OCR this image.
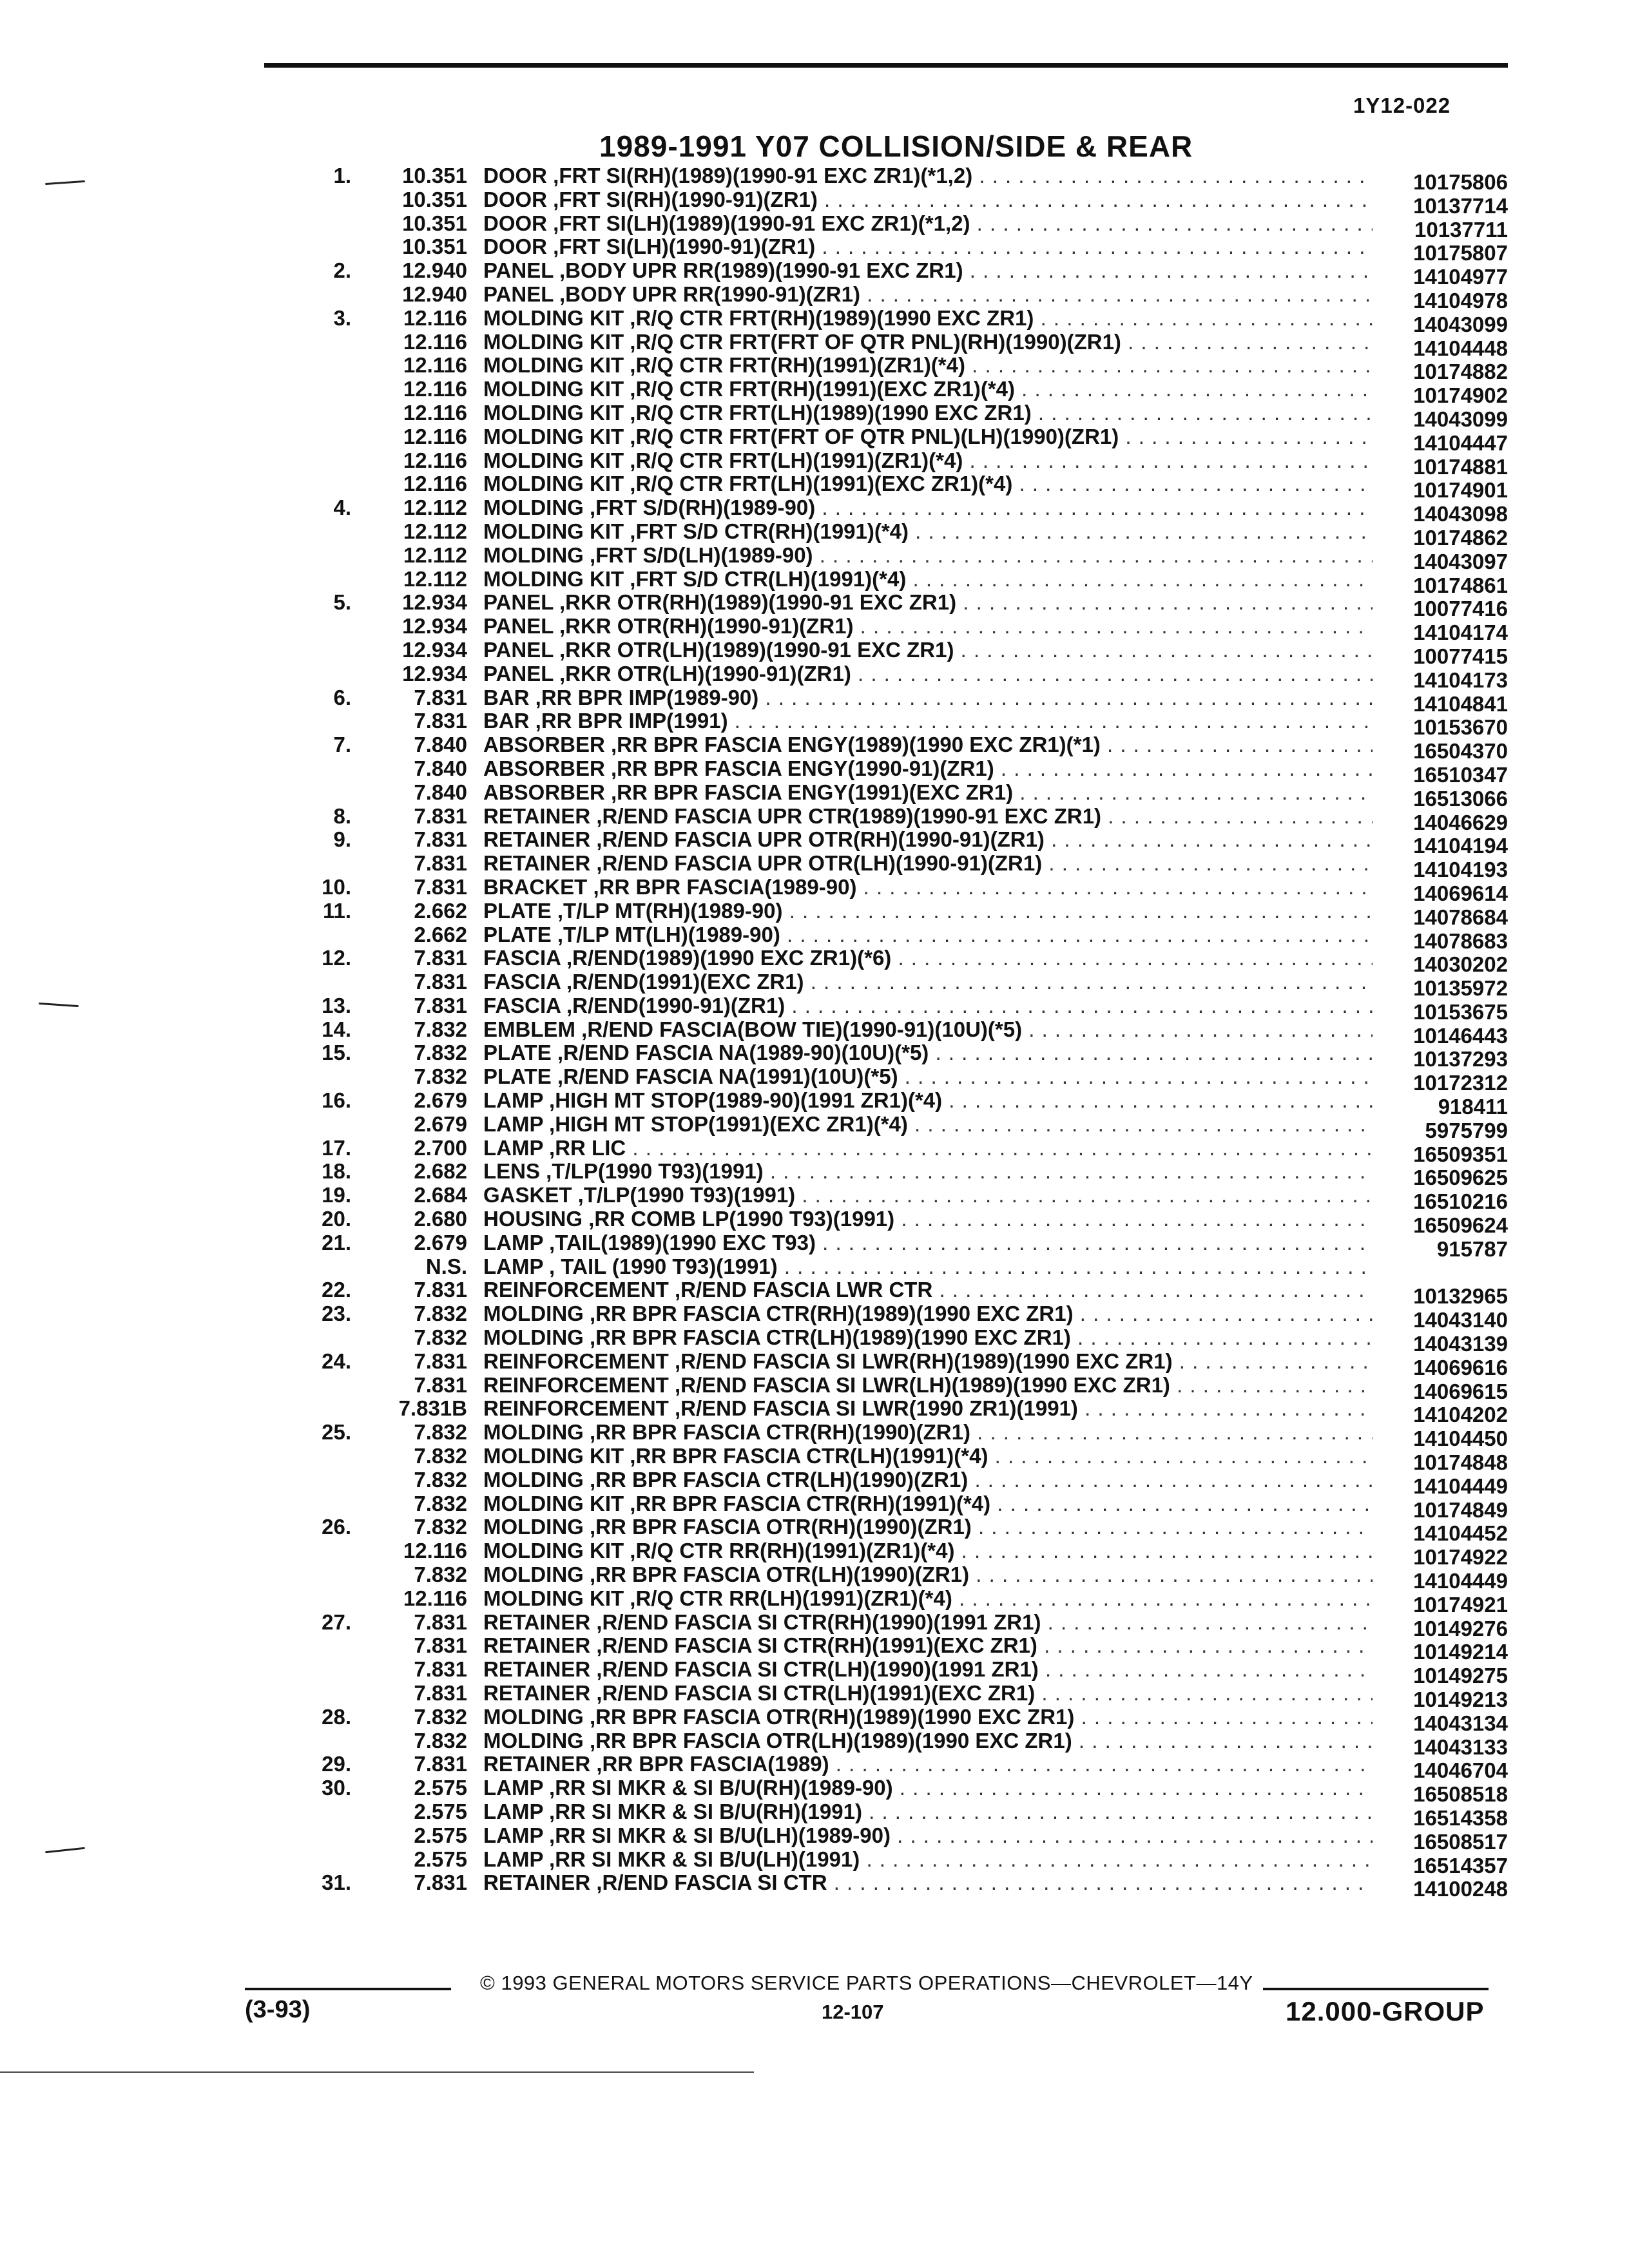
1Y12-022
1989-1991 Y07 COLLISION/SIDE & REAR
1.	10.351 DOOR ,FRT SI(RH)(1989)(1990-91 EXC ZR1)(*1,2) . . .	10175806
10.351 DOOR ,FRT SI(RH)(1990-91)(ZR1) . . .	10137714
10.351 DOOR ,FRT SI(LH)(1989)(1990-91 EXC ZR1)(*1,2) . . .	10137711
10.351 DOOR ,FRT SI(LH)(1990-91)(ZR1) . . .	10175807
2.	12.940 PANEL ,BODY UPR RR(1989)(1990-91 EXC ZR1) . . .	14104977
12.940 PANEL ,BODY UPR RR(1990-91)(ZR1) . . .	14104978
3.	12.116 MOLDING KIT ,R/Q CTR FRT(RH)(1989)(1990 EXC ZR1) . . .	14043099
12.116 MOLDING KIT ,R/Q CTR FRT(FRT OF QTR PNL)(RH)(1990)(ZR1) . . .	14104448
12.116 MOLDING KIT ,R/Q CTR FRT(RH)(1991)(ZR1)(*4) . . .	10174882
12.116 MOLDING KIT ,R/Q CTR FRT(RH)(1991)(EXC ZR1)(*4) . . .	10174902
12.116 MOLDING KIT ,R/Q CTR FRT(LH)(1989)(1990 EXC ZR1) . . .	14043099
12.116 MOLDING KIT ,R/Q CTR FRT(FRT OF QTR PNL)(LH)(1990)(ZR1) . . .	14104447
12.116 MOLDING KIT ,R/Q CTR FRT(LH)(1991)(ZR1)(*4) . . .	10174881
12.116 MOLDING KIT ,R/Q CTR FRT(LH)(1991)(EXC ZR1)(*4) . . .	10174901
4.	12.112 MOLDING ,FRT S/D(RH)(1989-90) . . .	14043098
12.112 MOLDING KIT ,FRT S/D CTR(RH)(1991)(*4) . . .	10174862
12.112 MOLDING ,FRT S/D(LH)(1989-90) . . .	14043097
12.112 MOLDING KIT ,FRT S/D CTR(LH)(1991)(*4) . . .	10174861
5.	12.934 PANEL ,RKR OTR(RH)(1989)(1990-91 EXC ZR1) . . .	10077416
12.934 PANEL ,RKR OTR(RH)(1990-91)(ZR1) . . .	14104174
12.934 PANEL ,RKR OTR(LH)(1989)(1990-91 EXC ZR1) . . .	10077415
12.934 PANEL ,RKR OTR(LH)(1990-91)(ZR1) . . .	14104173
6.	7.831 BAR ,RR BPR IMP(1989-90) . . .	14104841
7.831 BAR ,RR BPR IMP(1991) . . .	10153670
7.	7.840 ABSORBER ,RR BPR FASCIA ENGY(1989)(1990 EXC ZR1)(*1) . . .	16504370
7.840 ABSORBER ,RR BPR FASCIA ENGY(1990-91)(ZR1) . . .	16510347
7.840 ABSORBER ,RR BPR FASCIA ENGY(1991)(EXC ZR1) . . .	16513066
8.	7.831 RETAINER ,R/END FASCIA UPR CTR(1989)(1990-91 EXC ZR1) . . .	14046629
9.	7.831 RETAINER ,R/END FASCIA UPR OTR(RH)(1990-91)(ZR1) . . .	14104194
7.831 RETAINER ,R/END FASCIA UPR OTR(LH)(1990-91)(ZR1) . . .	14104193
10.	7.831 BRACKET ,RR BPR FASCIA(1989-90) . . .	14069614
11.	2.662 PLATE ,T/LP MT(RH)(1989-90) . . .	14078684
2.662 PLATE ,T/LP MT(LH)(1989-90) . . .	14078683
12.	7.831 FASCIA ,R/END(1989)(1990 EXC ZR1)(*6) . . .	14030202
7.831 FASCIA ,R/END(1991)(EXC ZR1) . . .	10135972
13.	7.831 FASCIA ,R/END(1990-91)(ZR1) . . .	10153675
14.	7.832 EMBLEM ,R/END FASCIA(BOW TIE)(1990-91)(10U)(*5) . . .	10146443
15.	7.832 PLATE ,R/END FASCIA NA(1989-90)(10U)(*5) . . .	10137293
7.832 PLATE ,R/END FASCIA NA(1991)(10U)(*5) . . .	10172312
16.	2.679 LAMP ,HIGH MT STOP(1989-90)(1991 ZR1)(*4) . . .	918411
2.679 LAMP ,HIGH MT STOP(1991)(EXC ZR1)(*4) . . .	5975799
17.	2.700 LAMP ,RR LIC . . .	16509351
18.	2.682 LENS ,T/LP(1990 T93)(1991) . . .	16509625
19.	2.684 GASKET ,T/LP(1990 T93)(1991) . . .	16510216
20.	2.680 HOUSING ,RR COMB LP(1990 T93)(1991) . . .	16509624
21.	2.679 LAMP ,TAIL(1989)(1990 EXC T93) . . .	915787
N.S. LAMP , TAIL (1990 T93)(1991) . . .
22.	7.831 REINFORCEMENT ,R/END FASCIA LWR CTR . . .	10132965
23.	7.832 MOLDING ,RR BPR FASCIA CTR(RH)(1989)(1990 EXC ZR1) . . .	14043140
7.832 MOLDING ,RR BPR FASCIA CTR(LH)(1989)(1990 EXC ZR1) . . .	14043139
24.	7.831 REINFORCEMENT ,R/END FASCIA SI LWR(RH)(1989)(1990 EXC ZR1) . . .	14069616
7.831 REINFORCEMENT ,R/END FASCIA SI LWR(LH)(1989)(1990 EXC ZR1) . . .	14069615
7.831B REINFORCEMENT ,R/END FASCIA SI LWR(1990 ZR1)(1991) . . .	14104202
25.	7.832 MOLDING ,RR BPR FASCIA CTR(RH)(1990)(ZR1) . . .	14104450
7.832 MOLDING KIT ,RR BPR FASCIA CTR(LH)(1991)(*4) . . .	10174848
7.832 MOLDING ,RR BPR FASCIA CTR(LH)(1990)(ZR1) . . .	14104449
7.832 MOLDING KIT ,RR BPR FASCIA CTR(RH)(1991)(*4) . . .	10174849
26.	7.832 MOLDING ,RR BPR FASCIA OTR(RH)(1990)(ZR1) . . .	14104452
12.116 MOLDING KIT ,R/Q CTR RR(RH)(1991)(ZR1)(*4) . . .	10174922
7.832 MOLDING ,RR BPR FASCIA OTR(LH)(1990)(ZR1) . . .	14104449
12.116 MOLDING KIT ,R/Q CTR RR(LH)(1991)(ZR1)(*4) . . .	10174921
27.	7.831 RETAINER ,R/END FASCIA SI CTR(RH)(1990)(1991 ZR1) . . .	10149276
7.831 RETAINER ,R/END FASCIA SI CTR(RH)(1991)(EXC ZR1) . . .	10149214
7.831 RETAINER ,R/END FASCIA SI CTR(LH)(1990)(1991 ZR1) . . .	10149275
7.831 RETAINER ,R/END FASCIA SI CTR(LH)(1991)(EXC ZR1) . . .	10149213
28.	7.832 MOLDING ,RR BPR FASCIA OTR(RH)(1989)(1990 EXC ZR1) . . .	14043134
7.832 MOLDING ,RR BPR FASCIA OTR(LH)(1989)(1990 EXC ZR1) . . .	14043133
29.	7.831 RETAINER ,RR BPR FASCIA(1989) . . .	14046704
30.	2.575 LAMP ,RR SI MKR & SI B/U(RH)(1989-90) . . .	16508518
2.575 LAMP ,RR SI MKR & SI B/U(RH)(1991) . . .	16514358
2.575 LAMP ,RR SI MKR & SI B/U(LH)(1989-90) . . .	16508517
2.575 LAMP ,RR SI MKR & SI B/U(LH)(1991) . . .	16514357
31.	7.831 RETAINER ,R/END FASCIA SI CTR . . .	14100248
(3-93)
© 1993 GENERAL MOTORS SERVICE PARTS OPERATIONS—CHEVROLET—14Y
12-107	12.000-GROUP
